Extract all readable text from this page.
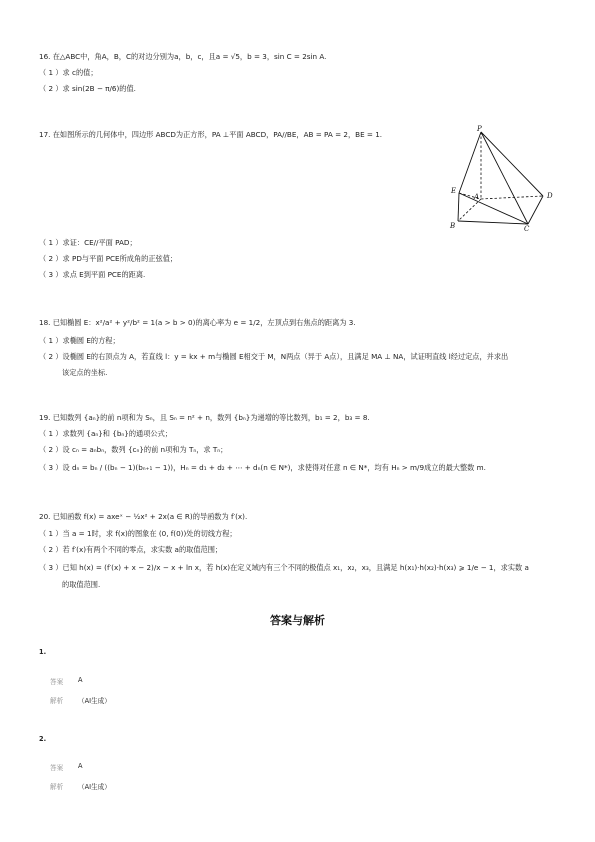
16. 在△ABC中，角A，B，C的对边分别为a，b，c，且a = √5，b = 3，sin C = 2sin A.
（ 1 ）求 c的值；
（ 2 ）求 sin(2B − π/6)的值.
17. 在如图所示的几何体中，四边形 ABCD为正方形，PA ⊥平面 ABCD，PA//BE，AB = PA = 2，BE = 1.
P
E
A	D
B	C
（ 1 ）求证：CE//平面 PAD；
（ 2 ）求 PD与平面 PCE所成角的正弦值；
（ 3 ）求点 E到平面 PCE的距离.
18. 已知椭圆 E：x²/a² + y²/b² = 1(a > b > 0)的离心率为 e = 1/2，左顶点到右焦点的距离为 3.
（ 1 ）求椭圆 E的方程；
（ 2 ）设椭圆 E的右顶点为 A，若直线 l：y = kx + m与椭圆 E相交于 M，N两点（异于 A点），且满足 MA ⊥ NA，试证明直线 l经过定点，并求出
该定点的坐标.
19. 已知数列 {aₙ}的前 n项和为 Sₙ，且 Sₙ = n² + n，数列 {bₙ}为递增的等比数列，b₁ = 2，b₃ = 8.
（ 1 ）求数列 {aₙ}和 {bₙ}的通项公式；
（ 2 ）设 cₙ = aₙbₙ，数列 {cₙ}的前 n项和为 Tₙ，求 Tₙ；
（ 3 ）设 dₙ = bₙ / ((bₙ − 1)(bₙ₊₁ − 1))，Hₙ = d₁ + d₂ + ⋯ + dₙ(n ∈ N*)，求使得对任意 n ∈ N*，均有 Hₙ > m/9成立的最大整数 m.
20. 已知函数 f(x) = axeˣ − ½x² + 2x(a ∈ R)的导函数为 f′(x).
（ 1 ）当 a = 1时，求 f(x)的图象在 (0, f(0))处的切线方程；
（ 2 ）若 f′(x)有两个不同的零点，求实数 a的取值范围；
（ 3 ）已知 h(x) = (f′(x) + x − 2)/x − x + ln x，若 h(x)在定义域内有三个不同的极值点 x₁，x₂，x₃，且满足 h(x₁)·h(x₂)·h(x₃) ⩾ 1/e − 1，求实数 a
的取值范围.
答案与解析
1.
答案 A
解析 （AI生成）
2.
答案 A
解析 （AI生成）
